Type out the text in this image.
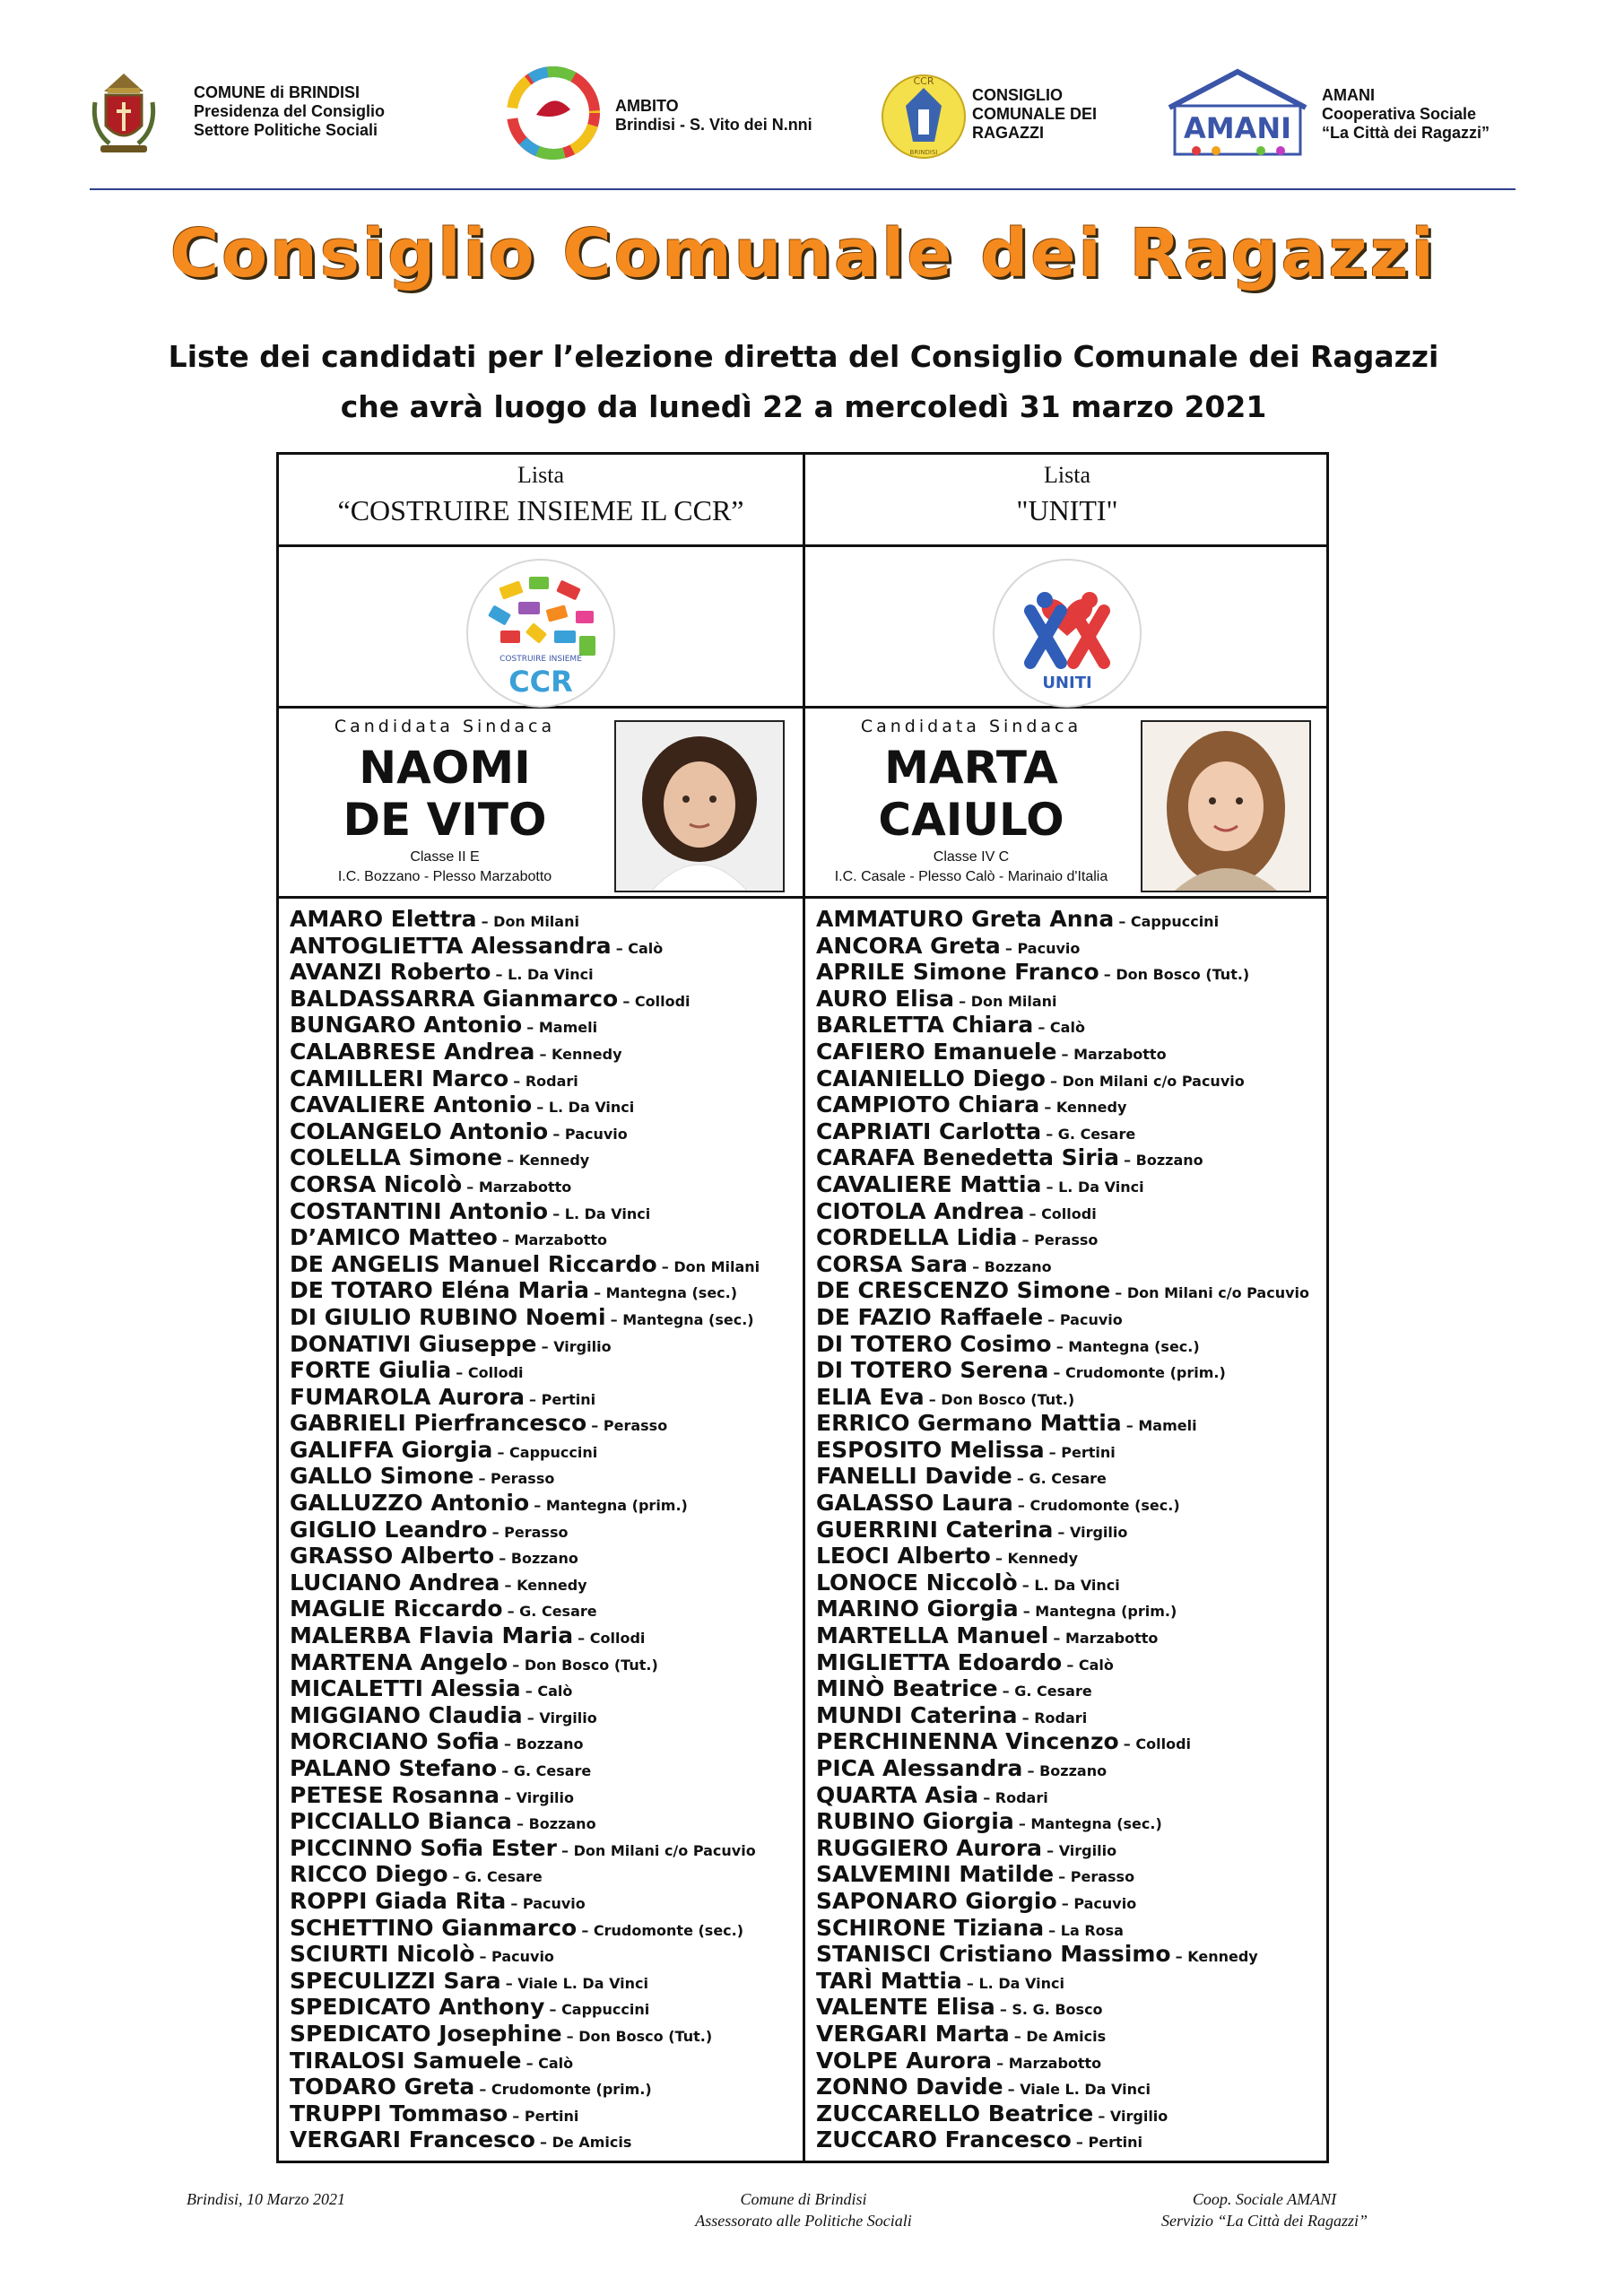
COMUNE di BRINDISI
Presidenza del Consiglio
Settore Politiche Sociali
AMBITO
Brindisi - S. Vito dei N.nni
CCR
BRINDISI
CONSIGLIO
COMUNALE DEI
RAGAZZI	AMANI
AMANI
Cooperativa Sociale
“La Città dei Ragazzi”
Consiglio Comunale dei Ragazzi
Liste dei candidati per l’elezione diretta del Consiglio Comunale dei Ragazzi
che avrà luogo da lunedì 22 a mercoledì 31 marzo 2021
Lista
“COSTRUIRE INSIEME IL CCR”
COSTRUIRE INSIEME
CCR
Candidata Sindaca
NAOMI
DE VITO
Classe II E
I.C. Bozzano - Plesso Marzabotto
AMARO Elettra – Don Milani
ANTOGLIETTA Alessandra – Calò
AVANZI Roberto – L. Da Vinci
BALDASSARRA Gianmarco – Collodi
BUNGARO Antonio – Mameli
CALABRESE Andrea – Kennedy
CAMILLERI Marco – Rodari
CAVALIERE Antonio – L. Da Vinci
COLANGELO Antonio – Pacuvio
COLELLA Simone – Kennedy
CORSA Nicolò – Marzabotto
COSTANTINI Antonio – L. Da Vinci
D’AMICO Matteo – Marzabotto
DE ANGELIS Manuel Riccardo – Don Milani
DE TOTARO Eléna Maria – Mantegna (sec.)
DI GIULIO RUBINO Noemi – Mantegna (sec.)
DONATIVI Giuseppe – Virgilio
FORTE Giulia – Collodi
FUMAROLA Aurora – Pertini
GABRIELI Pierfrancesco – Perasso
GALIFFA Giorgia – Cappuccini
GALLO Simone – Perasso
GALLUZZO Antonio – Mantegna (prim.)
GIGLIO Leandro – Perasso
GRASSO Alberto – Bozzano
LUCIANO Andrea – Kennedy
MAGLIE Riccardo – G. Cesare
MALERBA Flavia Maria – Collodi
MARTENA Angelo – Don Bosco (Tut.)
MICALETTI Alessia – Calò
MIGGIANO Claudia – Virgilio
MORCIANO Sofia – Bozzano
PALANO Stefano – G. Cesare
PETESE Rosanna – Virgilio
PICCIALLO Bianca – Bozzano
PICCINNO Sofia Ester – Don Milani c/o Pacuvio
RICCO Diego – G. Cesare
ROPPI Giada Rita – Pacuvio
SCHETTINO Gianmarco – Crudomonte (sec.)
SCIURTI Nicolò – Pacuvio
SPECULIZZI Sara – Viale L. Da Vinci
SPEDICATO Anthony – Cappuccini
SPEDICATO Josephine – Don Bosco (Tut.)
TIRALOSI Samuele – Calò
TODARO Greta – Crudomonte (prim.)
TRUPPI Tommaso – Pertini
VERGARI Francesco – De Amicis
Lista
"UNITI"
UNITI
Candidata Sindaca
MARTA
CAIULO
Classe IV C
I.C. Casale - Plesso Calò - Marinaio d'Italia
AMMATURO Greta Anna – Cappuccini
ANCORA Greta – Pacuvio
APRILE Simone Franco – Don Bosco (Tut.)
AURO Elisa – Don Milani
BARLETTA Chiara – Calò
CAFIERO Emanuele – Marzabotto
CAIANIELLO Diego – Don Milani c/o Pacuvio
CAMPIOTO Chiara – Kennedy
CAPRIATI Carlotta – G. Cesare
CARAFA Benedetta Siria – Bozzano
CAVALIERE Mattia – L. Da Vinci
CIOTOLA Andrea – Collodi
CORDELLA Lidia – Perasso
CORSA Sara – Bozzano
DE CRESCENZO Simone – Don Milani c/o Pacuvio
DE FAZIO Raffaele – Pacuvio
DI TOTERO Cosimo – Mantegna (sec.)
DI TOTERO Serena – Crudomonte (prim.)
ELIA Eva – Don Bosco (Tut.)
ERRICO Germano Mattia – Mameli
ESPOSITO Melissa – Pertini
FANELLI Davide – G. Cesare
GALASSO Laura – Crudomonte (sec.)
GUERRINI Caterina – Virgilio
LEOCI Alberto – Kennedy
LONOCE Niccolò – L. Da Vinci
MARINO Giorgia – Mantegna (prim.)
MARTELLA Manuel – Marzabotto
MIGLIETTA Edoardo – Calò
MINÒ Beatrice – G. Cesare
MUNDI Caterina – Rodari
PERCHINENNA Vincenzo – Collodi
PICA Alessandra – Bozzano
QUARTA Asia – Rodari
RUBINO Giorgia – Mantegna (sec.)
RUGGIERO Aurora – Virgilio
SALVEMINI Matilde – Perasso
SAPONARO Giorgio – Pacuvio
SCHIRONE Tiziana – La Rosa
STANISCI Cristiano Massimo – Kennedy
TARÌ Mattia – L. Da Vinci
VALENTE Elisa – S. G. Bosco
VERGARI Marta – De Amicis
VOLPE Aurora – Marzabotto
ZONNO Davide – Viale L. Da Vinci
ZUCCARELLO Beatrice – Virgilio
ZUCCARO Francesco – Pertini
Brindisi, 10 Marzo 2021	Comune di Brindisi
Assessorato alle Politiche Sociali
Coop. Sociale AMANI
Servizio “La Città dei Ragazzi”
